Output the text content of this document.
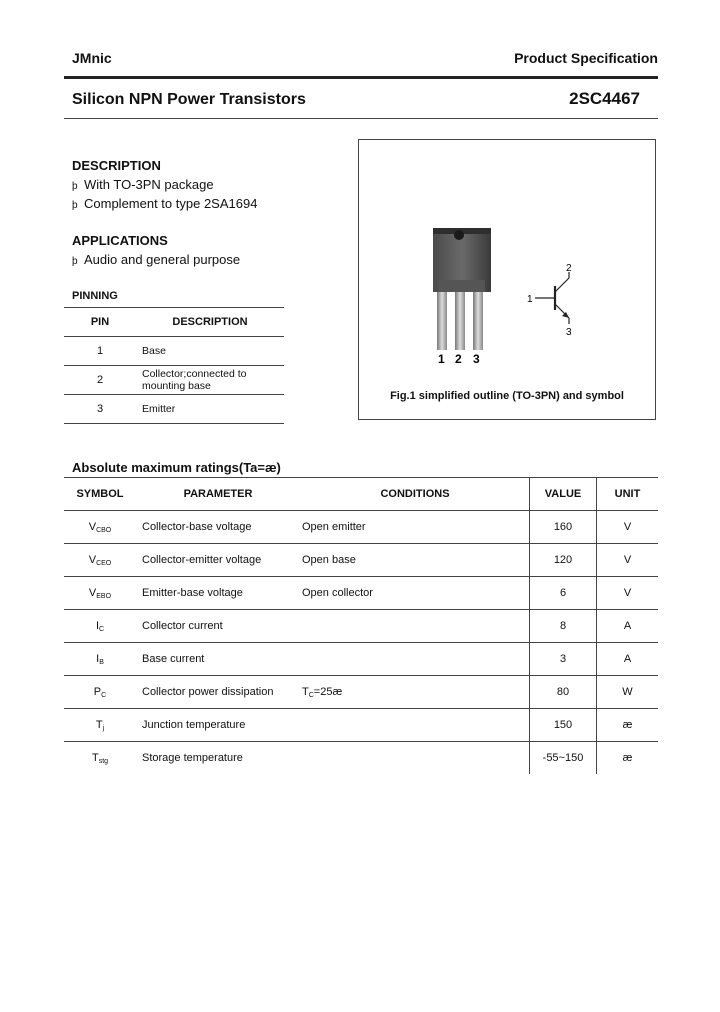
JMnic	Product Specification
Silicon NPN Power Transistors	2SC4467
DESCRIPTION
þ With TO-3PN package
þ Complement to type 2SA1694
APPLICATIONS
þ Audio and general purpose
PINNING
PIN	DESCRIPTION
1	Base
2	Collector;connected to mounting base
3	Emitter
1 2 3
1
2
3
Fig.1 simplified outline (TO-3PN) and symbol
Absolute maximum ratings(Ta=æ)
SYMBOL	PARAMETER	CONDITIONS	VALUE	UNIT
$V_{CBO}$	Collector-base voltage	Open emitter	160	V
$V_{CEO}$	Collector-emitter voltage	Open base	120	V
$V_{EBO}$	Emitter-base voltage	Open collector	6	V
$I_C$	Collector current		8	A
$I_B$	Base current		3	A
$P_C$	Collector power dissipation	$T_C=25æ$	80	W
$T_j$	Junction temperature		150	æ
$T_{stg}$	Storage temperature		-55~150	æ
